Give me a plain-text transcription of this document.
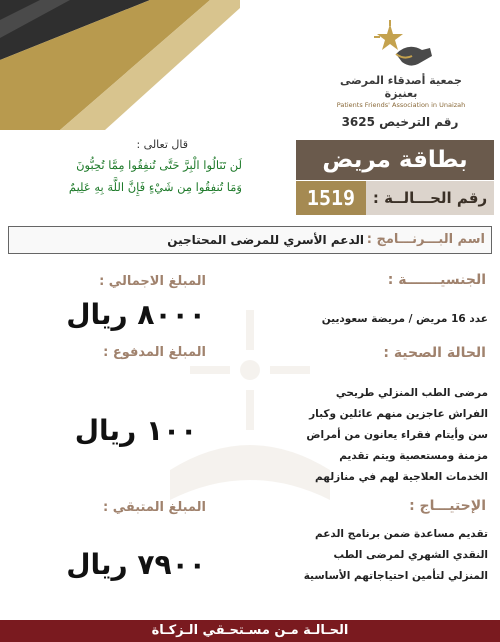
جمعية أصدقاء المرضى بعنيزة
Patients Friends' Association in Unaizah
رقم الترخيص 3625
قال تعالى :
لَن تَنَالُوا الْبِرَّ حَتَّى تُنفِقُوا مِمَّا تُحِبُّونَ
وَمَا تُنفِقُوا مِن شَيْءٍ فَإِنَّ اللَّهَ بِهِ عَلِيمٌ
بطاقة مريض
رقم الحـــالــة :
1519
اسم البـــرنـــامج :
الدعم الأسري للمرضى المحتاجين
الجنسيـــــــة :
عدد 16 مريض / مريضة سعوديين
الحالة الصحية :
مرضى الطب المنزلي طريحي الفراش عاجزين منهم عائلين وكبار سن وأيتام فقراء يعانون من أمراض مزمنة ومستعصية ويتم تقديم الخدمات العلاجية لهم في منازلهم
الإحتيـــاج :
تقديم مساعدة ضمن برنامج الدعم النقدي الشهري لمرضى الطب المنزلي لتأمين احتياجاتهم الأساسية
المبلغ الاجمالي :
٨٠٠٠ ريال
المبلغ المدفوع :
١٠٠ ريال
المبلغ المتبقي :
٧٩٠٠ ريال
الحـالـة مـن مسـتحـقي الـزكـاة
